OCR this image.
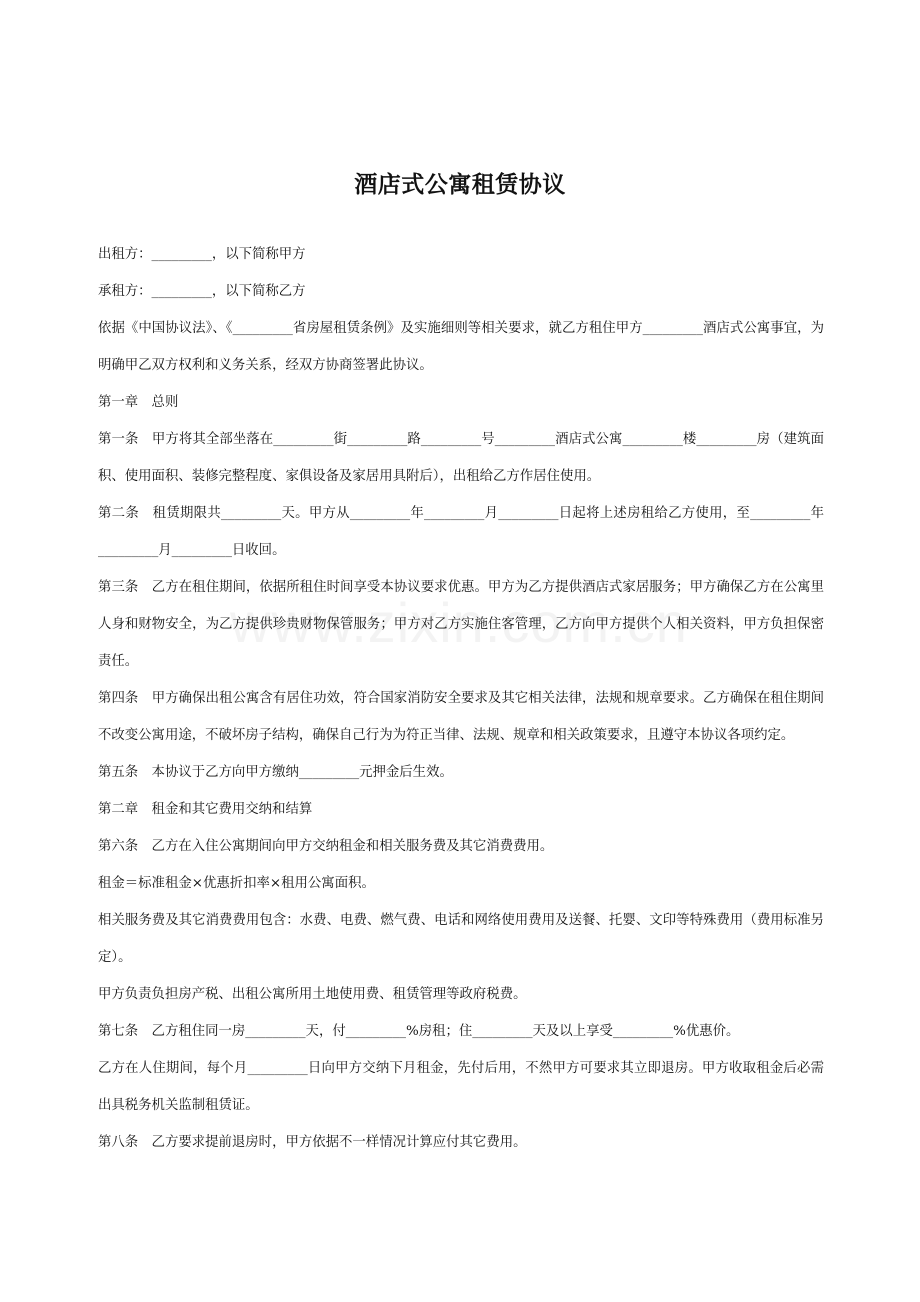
酒店式公寓租赁协议

出租方：_________，以下简称甲方

承租方：_________，以下简称乙方

依据《中国协议法》、《_________省房屋租赁条例》及实施细则等相关要求，就乙方租住甲方_________酒店式公寓事宜，为明确甲乙双方权利和义务关系，经双方协商签署此协议。

第一章　总则

第一条　甲方将其全部坐落在_________街_________路_________号_________酒店式公寓_________楼_________房（建筑面积、使用面积、装修完整程度、家俱设备及家居用具附后），出租给乙方作居住使用。

第二条　租赁期限共_________天。甲方从_________年_________月_________日起将上述房租给乙方使用，至_________年_________月_________日收回。

第三条　乙方在租住期间，依据所租住时间享受本协议要求优惠。甲方为乙方提供酒店式家居服务；甲方确保乙方在公寓里人身和财物安全，为乙方提供珍贵财物保管服务；甲方对乙方实施住客管理，乙方向甲方提供个人相关资料，甲方负担保密责任。

第四条　甲方确保出租公寓含有居住功效，符合国家消防安全要求及其它相关法律，法规和规章要求。乙方确保在租住期间不改变公寓用途，不破坏房子结构，确保自己行为为符正当律、法规、规章和相关政策要求，且遵守本协议各项约定。

第五条　本协议于乙方向甲方缴纳_________元押金后生效。

第二章　租金和其它费用交纳和结算

第六条　乙方在入住公寓期间向甲方交纳租金和相关服务费及其它消费费用。

租金＝标准租金×优惠折扣率×租用公寓面积。

相关服务费及其它消费费用包含：水费、电费、燃气费、电话和网络使用费用及送餐、托婴、文印等特殊费用（费用标准另定）。

甲方负责负担房产税、出租公寓所用土地使用费、租赁管理等政府税费。

第七条　乙方租住同一房_________天，付_________%房租；住_________天及以上享受_________%优惠价。

乙方在人住期间，每个月_________日向甲方交纳下月租金，先付后用，不然甲方可要求其立即退房。甲方收取租金后必需出具税务机关监制租赁证。

第八条　乙方要求提前退房时，甲方依据不一样情况计算应付其它费用。
